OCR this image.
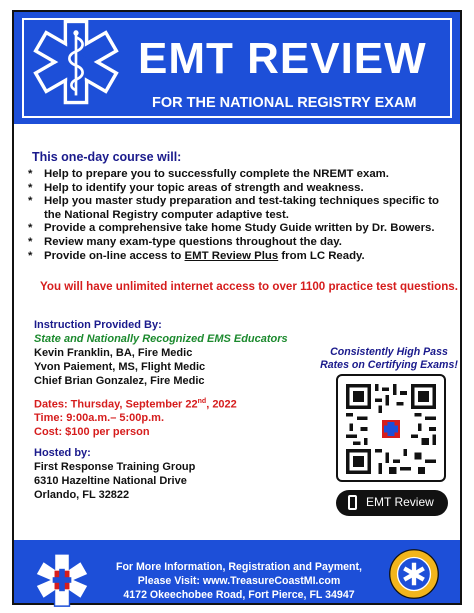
EMT REVIEW
FOR THE NATIONAL REGISTRY EXAM
This one-day course will:
* Help to prepare you to successfully complete the NREMT exam.
* Help to identify your topic areas of strength and weakness.
* Help you master study preparation and test-taking techniques specific to the National Registry computer adaptive test.
* Provide a comprehensive take home Study Guide written by Dr. Bowers.
* Review many exam-type questions throughout the day.
* Provide on-line access to EMT Review Plus from LC Ready.
You will have unlimited internet access to over 1100 practice test questions.
Instruction Provided By:
State and Nationally Recognized EMS Educators
Kevin Franklin, BA, Fire Medic
Yvon Paiement, MS, Flight Medic
Chief Brian Gonzalez, Fire Medic
Dates: Thursday, September 22nd, 2022
Time: 9:00a.m.– 5:00p.m.
Cost: $100 per person
Hosted by:
First Response Training Group
6310 Hazeltine National Drive
Orlando, FL 32822
Consistently High Pass
Rates on Certifying Exams!
EMT Review
For More Information, Registration and Payment,
Please Visit: www.TreasureCoastMI.com
4172 Okeechobee Road, Fort Pierce, FL 34947
